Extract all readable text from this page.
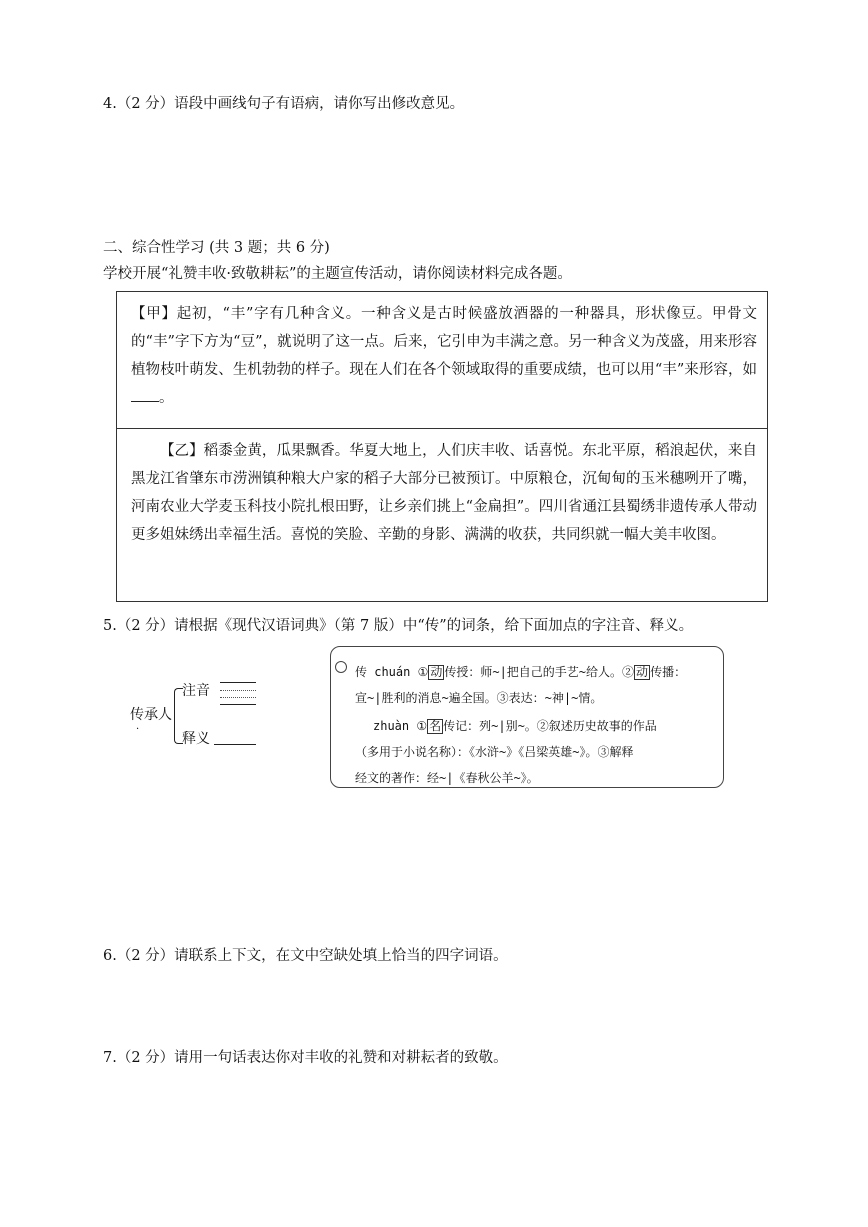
4.（2 分）语段中画线句子有语病，请你写出修改意见。
二、综合性学习 (共 3 题；共 6 分)
学校开展“礼赞丰收·致敬耕耘”的主题宣传活动，请你阅读材料完成各题。
【甲】起初，“丰”字有几种含义。一种含义是古时候盛放酒器的一种器具，形状像豆。甲骨文的“丰”字下方为“豆”，就说明了这一点。后来，它引申为丰满之意。另一种含义为茂盛，用来形容植物枝叶萌发、生机勃勃的样子。现在人们在各个领域取得的重要成绩，也可以用“丰”来形容，如。
【乙】稻黍金黄，瓜果飘香。华夏大地上，人们庆丰收、话喜悦。东北平原，稻浪起伏，来自黑龙江省肇东市涝洲镇种粮大户家的稻子大部分已被预订。中原粮仓，沉甸甸的玉米穗咧开了嘴，河南农业大学麦玉科技小院扎根田野，让乡亲们挑上“金扁担”。四川省通江县蜀绣非遗传承人带动更多姐妹绣出幸福生活。喜悦的笑脸、辛勤的身影、满满的收获，共同织就一幅大美丰收图。
5.（2 分）请根据《现代汉语词典》（第 7 版）中“传”的词条，给下面加点的字注音、释义。
传承人
·
注音
释义
传 chuán ① 动 传授：师~|把自己的手艺~给人。② 动 传播：
宣~|胜利的消息~遍全国。③表达：~神|~情。
zhuàn ① 名 传记：列~|别~。②叙述历史故事的作品
（多用于小说名称）：《水浒~》《吕梁英雄~》。③解释
经文的著作：经~|《春秋公羊~》。
6.（2 分）请联系上下文，在文中空缺处填上恰当的四字词语。
7.（2 分）请用一句话表达你对丰收的礼赞和对耕耘者的致敬。
